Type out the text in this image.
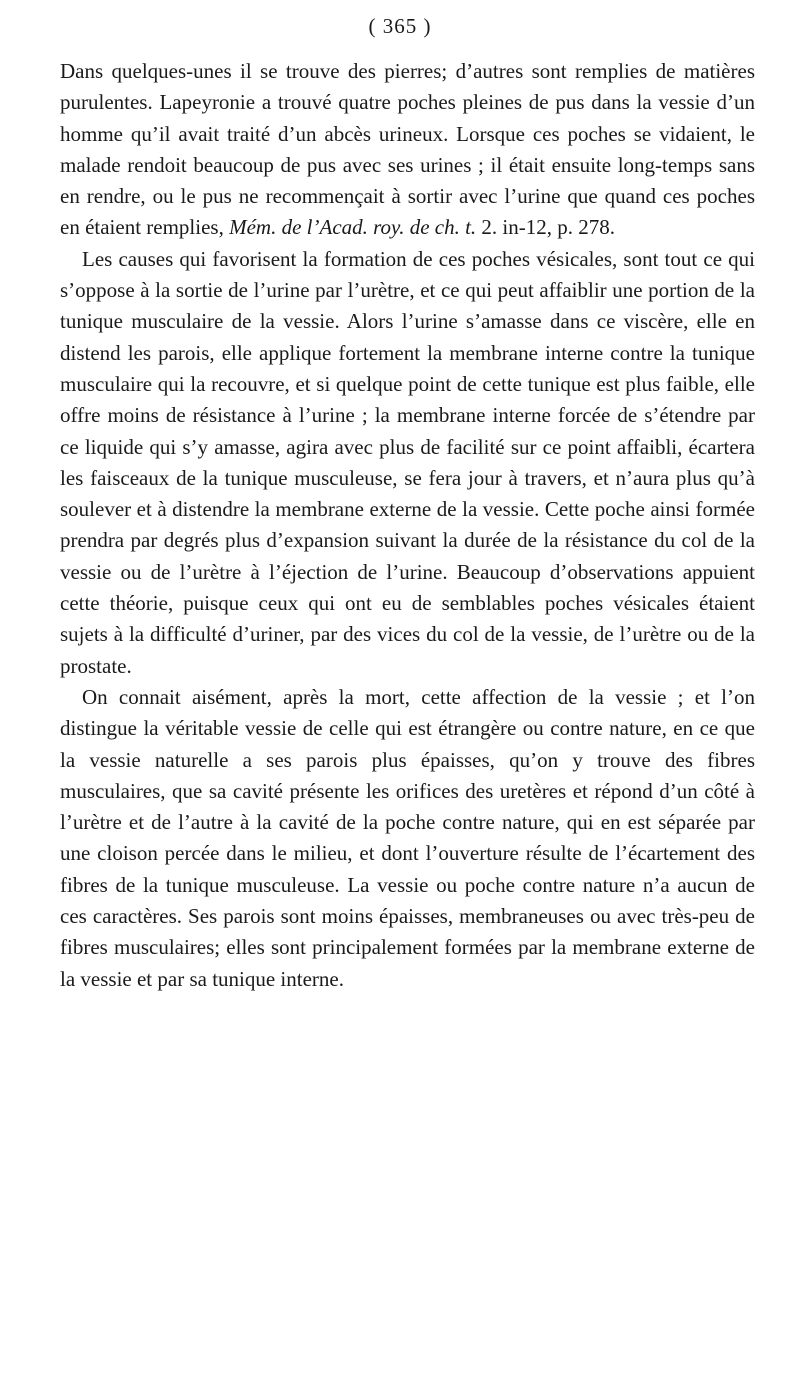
( 365 )

Dans quelques-unes il se trouve des pierres; d’autres sont remplies de matières purulentes. Lapeyronie a trouvé quatre poches pleines de pus dans la vessie d’un homme qu’il avait traité d’un abcès urineux. Lorsque ces poches se vidaient, le malade rendoit beaucoup de pus avec ses urines ; il était ensuite long-temps sans en rendre, ou le pus ne recommençait à sortir avec l’urine que quand ces poches en étaient remplies, Mém. de l’Acad. roy. de ch. t. 2. in-12, p. 278.

Les causes qui favorisent la formation de ces poches vésicales, sont tout ce qui s’oppose à la sortie de l’urine par l’urètre, et ce qui peut affaiblir une portion de la tunique musculaire de la vessie. Alors l’urine s’amasse dans ce viscère, elle en distend les parois, elle applique fortement la membrane interne contre la tunique musculaire qui la recouvre, et si quelque point de cette tunique est plus faible, elle offre moins de résistance à l’urine ; la membrane interne forcée de s’étendre par ce liquide qui s’y amasse, agira avec plus de facilité sur ce point affaibli, écartera les faisceaux de la tunique musculeuse, se fera jour à travers, et n’aura plus qu’à soulever et à distendre la membrane externe de la vessie. Cette poche ainsi formée prendra par degrés plus d’expansion suivant la durée de la résistance du col de la vessie ou de l’urètre à l’éjection de l’urine. Beaucoup d’observations appuient cette théorie, puisque ceux qui ont eu de semblables poches vésicales étaient sujets à la difficulté d’uriner, par des vices du col de la vessie, de l’urètre ou de la prostate.

On connait aisément, après la mort, cette affection de la vessie ; et l’on distingue la véritable vessie de celle qui est étrangère ou contre nature, en ce que la vessie naturelle a ses parois plus épaisses, qu’on y trouve des fibres musculaires, que sa cavité présente les orifices des uretères et répond d’un côté à l’urètre et de l’autre à la cavité de la poche contre nature, qui en est séparée par une cloison percée dans le milieu, et dont l’ouverture résulte de l’écartement des fibres de la tunique musculeuse. La vessie ou poche contre nature n’a aucun de ces caractères. Ses parois sont moins épaisses, membraneuses ou avec très-peu de fibres musculaires; elles sont principalement formées par la membrane externe de la vessie et par sa tunique interne.
